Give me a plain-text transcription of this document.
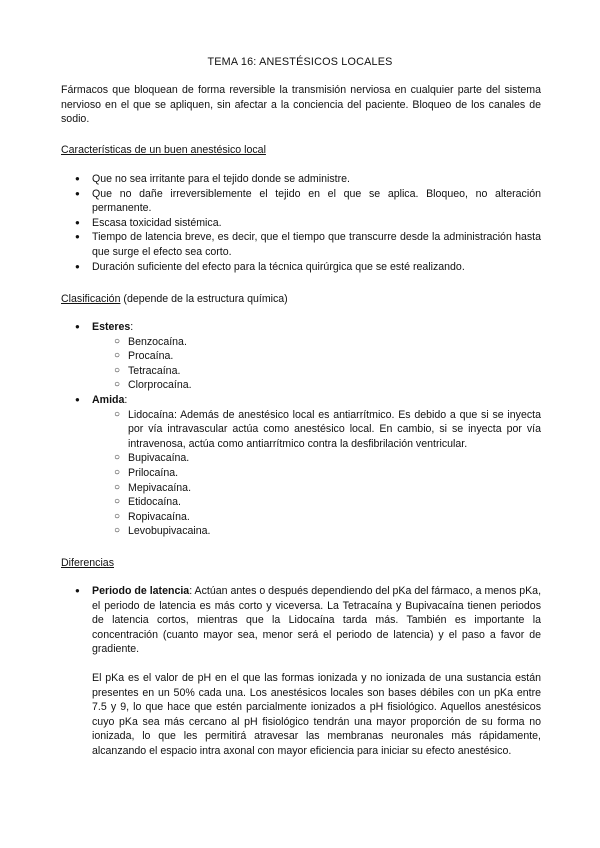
TEMA 16: ANESTÉSICOS LOCALES
Fármacos que bloquean de forma reversible la transmisión nerviosa en cualquier parte del sistema nervioso en el que se apliquen, sin afectar a la conciencia del paciente. Bloqueo de los canales de sodio.
Características de un buen anestésico local
● Que no sea irritante para el tejido donde se administre.
● Que no dañe irreversiblemente el tejido en el que se aplica. Bloqueo, no alteración permanente.
● Escasa toxicidad sistémica.
● Tiempo de latencia breve, es decir, que el tiempo que transcurre desde la administración hasta que surge el efecto sea corto.
● Duración suficiente del efecto para la técnica quirúrgica que se esté realizando.
Clasificación (depende de la estructura química)
● Esteres:
○ Benzocaína.
○ Procaína.
○ Tetracaína.
○ Clorprocaína.
● Amida:
○ Lidocaína: Además de anestésico local es antiarrítmico. Es debido a que si se inyecta por vía intravascular actúa como anestésico local. En cambio, si se inyecta por vía intravenosa, actúa como antiarrítmico contra la desfibrilación ventricular.
○ Bupivacaína.
○ Prilocaína.
○ Mepivacaína.
○ Etidocaína.
○ Ropivacaína.
○ Levobupivacaina.
Diferencias

● Periodo de latencia: Actúan antes o después dependiendo del pKa del fármaco, a menos pKa, el periodo de latencia es más corto y viceversa. La Tetracaína y Bupivacaína tienen periodos de latencia cortos, mientras que la Lidocaína tarda más. También es importante la concentración (cuanto mayor sea, menor será el periodo de latencia) y el paso a favor de gradiente.

El pKa es el valor de pH en el que las formas ionizada y no ionizada de una sustancia están presentes en un 50% cada una. Los anestésicos locales son bases débiles con un pKa entre 7.5 y 9, lo que hace que estén parcialmente ionizados a pH fisiológico. Aquellos anestésicos cuyo pKa sea más cercano al pH fisiológico tendrán una mayor proporción de su forma no ionizada, lo que les permitirá atravesar las membranas neuronales más rápidamente, alcanzando el espacio intra axonal con mayor eficiencia para iniciar su efecto anestésico.
